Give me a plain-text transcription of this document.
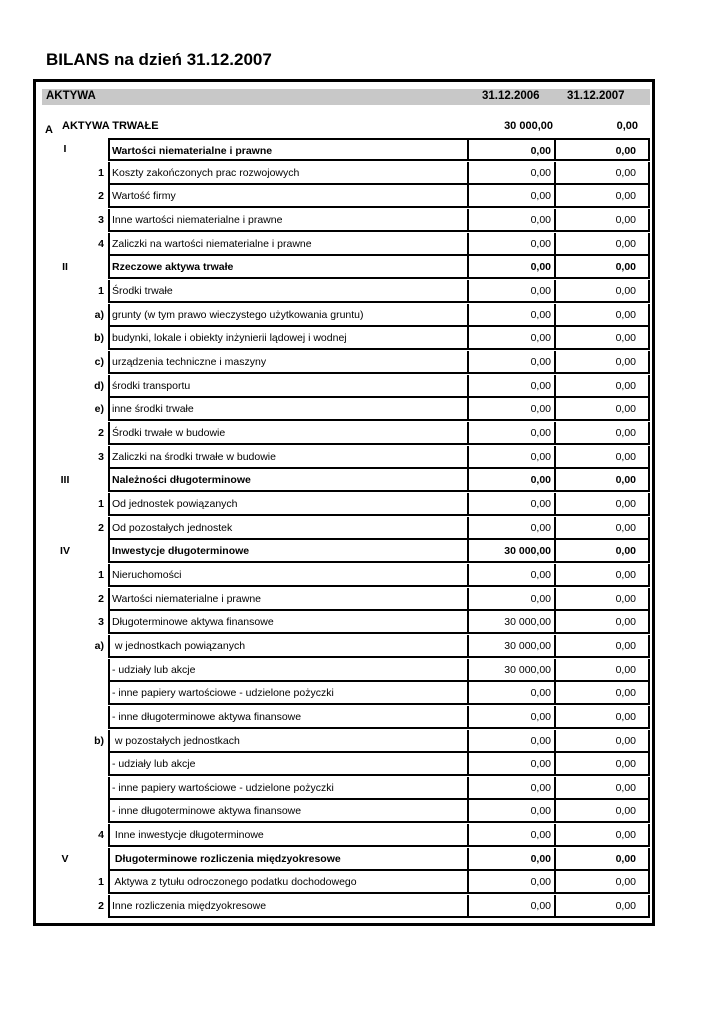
BILANS na dzień 31.12.2007
AKTYWA	31.12.2006 31.12.2007
A AKTYWA TRWAŁE	30 000,00	0,00
I	Wartości niematerialne i prawne	0,00	0,00
1 Koszty zakończonych prac rozwojowych	0,00	0,00
2 Wartość firmy	0,00	0,00
3 Inne wartości niematerialne i prawne	0,00	0,00
4 Zaliczki na wartości niematerialne i prawne	0,00	0,00
II	Rzeczowe aktywa trwałe	0,00	0,00
1 Środki trwałe	0,00	0,00
a) grunty (w tym prawo wieczystego użytkowania gruntu)	0,00	0,00
b) budynki, lokale i obiekty inżynierii lądowej i wodnej	0,00	0,00
c) urządzenia techniczne i maszyny	0,00	0,00
d) środki transportu	0,00	0,00
e) inne środki trwałe	0,00	0,00
2 Środki trwałe w budowie	0,00	0,00
3 Zaliczki na środki trwałe w budowie	0,00	0,00
III	Należności długoterminowe	0,00	0,00
1 Od jednostek powiązanych	0,00	0,00
2 Od pozostałych jednostek	0,00	0,00
IV	Inwestycje długoterminowe	30 000,00	0,00
1 Nieruchomości	0,00	0,00
2 Wartości niematerialne i prawne	0,00	0,00
3 Długoterminowe aktywa finansowe	30 000,00	0,00
a) w jednostkach powiązanych	30 000,00	0,00
- udziały lub akcje	30 000,00	0,00
- inne papiery wartościowe - udzielone pożyczki	0,00	0,00
- inne długoterminowe aktywa finansowe	0,00	0,00
b) w pozostałych jednostkach	0,00	0,00
- udziały lub akcje	0,00	0,00
- inne papiery wartościowe - udzielone pożyczki	0,00	0,00
- inne długoterminowe aktywa finansowe	0,00	0,00
4 Inne inwestycje długoterminowe	0,00	0,00
V	Długoterminowe rozliczenia międzyokresowe	0,00	0,00
1 Aktywa z tytułu odroczonego podatku dochodowego	0,00	0,00
2 Inne rozliczenia międzyokresowe	0,00	0,00
